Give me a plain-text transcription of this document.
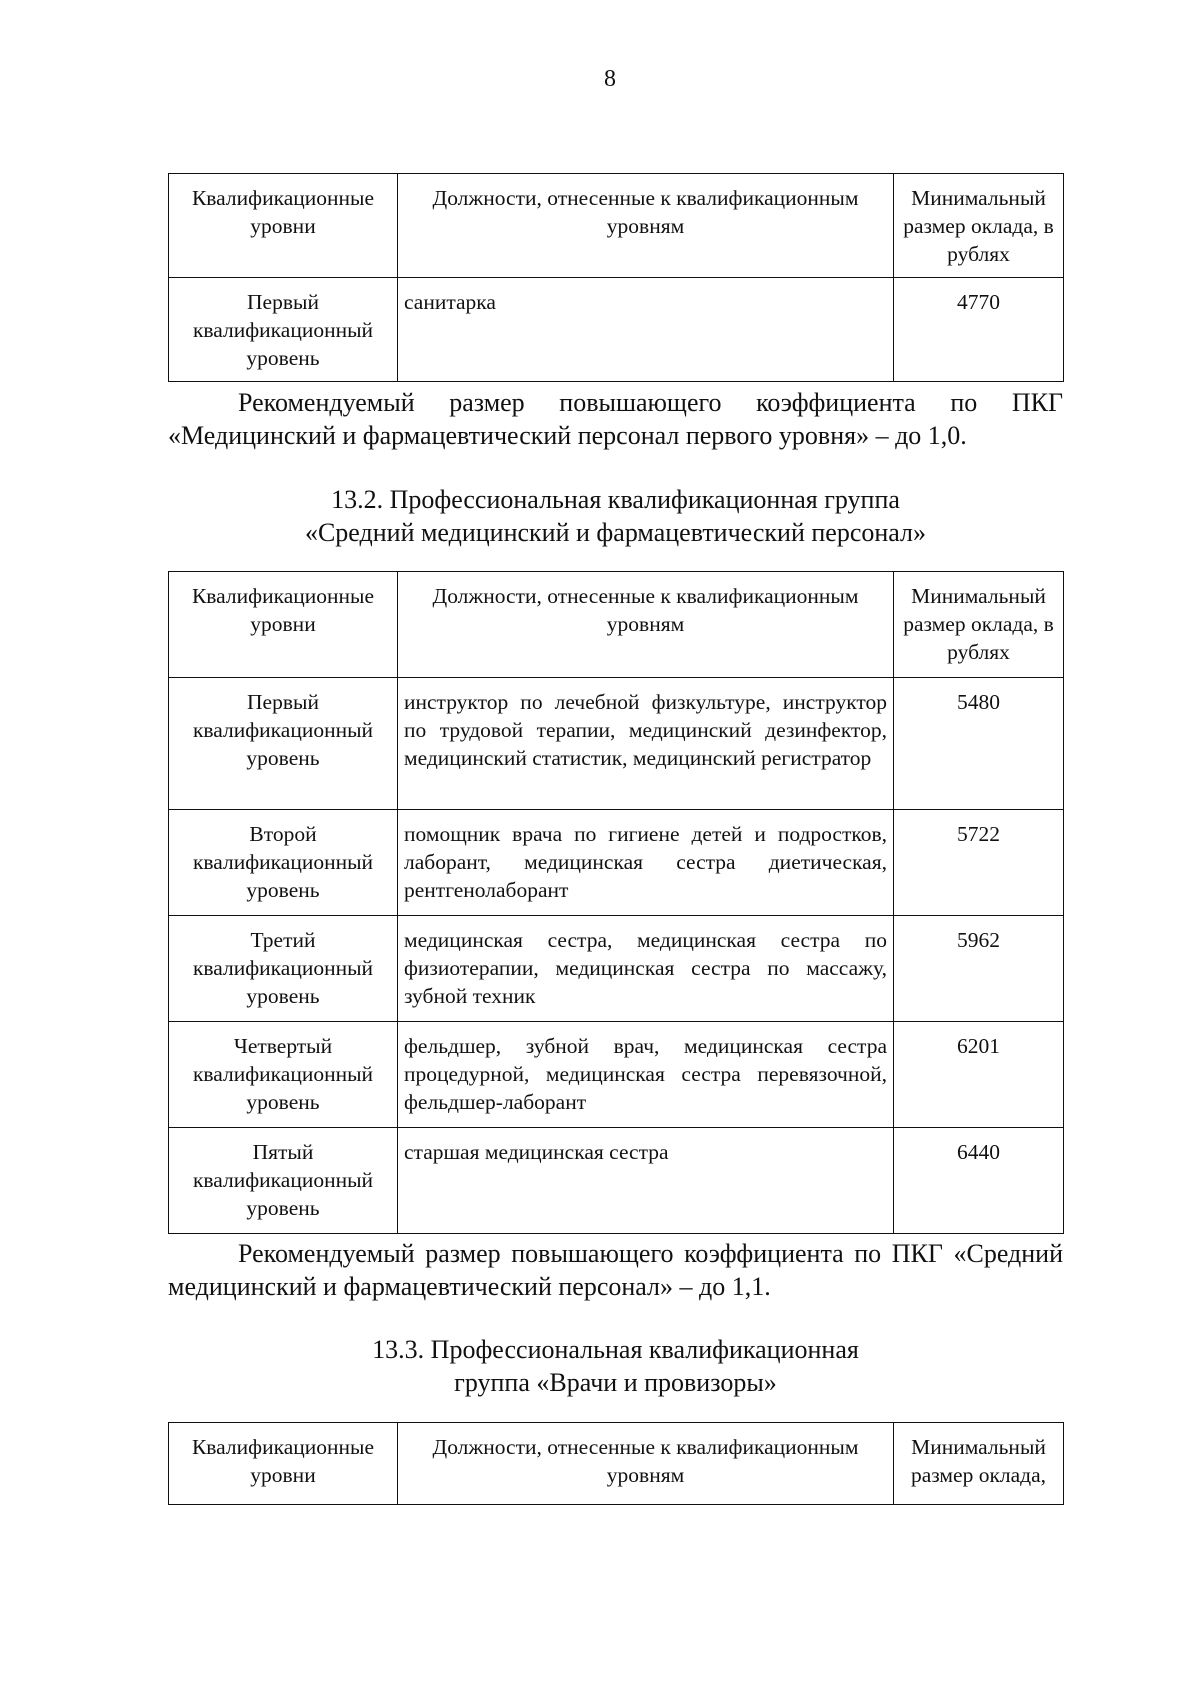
8
Квалификационные уровни	Должности, отнесенные к квалификационным уровням	Минимальный размер оклада, в рублях
Первый квалификационный уровень	санитарка	4770

Рекомендуемый размер повышающего коэффициента по ПКГ «Медицинский и фармацевтический персонал первого уровня» – до 1,0.

13.2. Профессиональная квалификационная группа
«Средний медицинский и фармацевтический персонал»
Квалификационные уровни	Должности, отнесенные к квалификационным уровням	Минимальный размер оклада, в рублях
Первый квалификационный уровень	инструктор по лечебной физкультуре, инструктор по трудовой терапии, медицинский дезинфектор, медицинский статистик, медицинский регистратор	5480
Второй квалификационный уровень	помощник врача по гигиене детей и подростков, лаборант, медицинская сестра диетическая, рентгенолаборант	5722
Третий квалификационный уровень	медицинская сестра, медицинская сестра по физиотерапии, медицинская сестра по массажу, зубной техник	5962
Четвертый квалификационный уровень	фельдшер, зубной врач, медицинская сестра процедурной, медицинская сестра перевязочной, фельдшер-лаборант	6201
Пятый квалификационный уровень	старшая медицинская сестра	6440

Рекомендуемый размер повышающего коэффициента по ПКГ «Средний медицинский и фармацевтический персонал» – до 1,1.

13.3. Профессиональная квалификационная
группа «Врачи и провизоры»
Квалификационные уровни	Должности, отнесенные к квалификационным уровням	Минимальный размер оклада,
